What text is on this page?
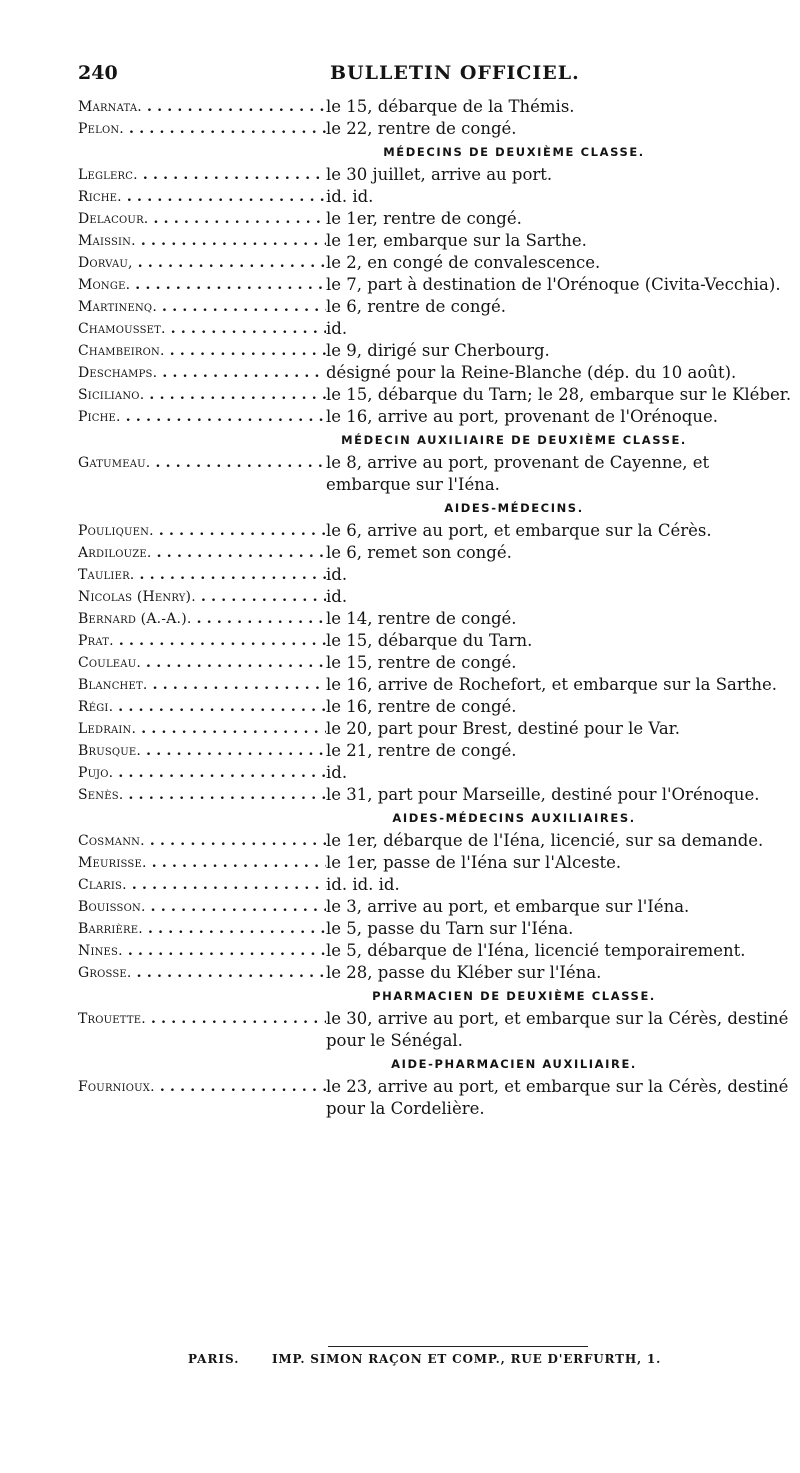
240	BULLETIN OFFICIEL.
Marnata. . . .	le 15, débarque de la Thémis.
Pelon. . . .	le 22, rentre de congé.
MÉDECINS DE DEUXIÈME CLASSE.
Leglerc. . . .	le 30 juillet, arrive au port.
Riche. . . .	id. id.
Delacour. . . .	le 1er, rentre de congé.
Maissin. . . .	le 1er, embarque sur la Sarthe.
Dorvau, . . .	le 2, en congé de convalescence.
Monge. . . .	le 7, part à destination de l'Orénoque (Civita-Vecchia).
Martinenq. . . .	le 6, rentre de congé.
Chamousset. . . .	id.
Chambeiron. . . .	le 9, dirigé sur Cherbourg.
Deschamps. . . .	désigné pour la Reine-Blanche (dép. du 10 août).
Siciliano. . . .	le 15, débarque du Tarn; le 28, embarque sur le Kléber.
Piche. . . .	le 16, arrive au port, provenant de l'Orénoque.
MÉDECIN AUXILIAIRE DE DEUXIÈME CLASSE.
Gatumeau. . . .	le 8, arrive au port, provenant de Cayenne, et embarque sur l'Iéna.
AIDES-MÉDECINS.
Pouliquen. . . .	le 6, arrive au port, et embarque sur la Cérès.
Ardilouze. . . .	le 6, remet son congé.
Taulier. . . .	id.
Nicolas (Henry). . . .	id.
Bernard (A.-A.). . . .	le 14, rentre de congé.
Prat. . . .	le 15, débarque du Tarn.
Couleau. . . .	le 15, rentre de congé.
Blanchet. . . .	le 16, arrive de Rochefort, et embarque sur la Sarthe.
Régi. . . .	le 16, rentre de congé.
Ledrain. . . .	le 20, part pour Brest, destiné pour le Var.
Brusque. . . .	le 21, rentre de congé.
Pujo. . . .	id.
Senès. . . .	le 31, part pour Marseille, destiné pour l'Orénoque.
AIDES-MÉDECINS AUXILIAIRES.
Cosmann. . . .	le 1er, débarque de l'Iéna, licencié, sur sa demande.
Meurisse. . . .	le 1er, passe de l'Iéna sur l'Alceste.
Claris. . . .	id. id. id.
Bouisson. . . .	le 3, arrive au port, et embarque sur l'Iéna.
Barrière. . . .	le 5, passe du Tarn sur l'Iéna.
Nines. . . .	le 5, débarque de l'Iéna, licencié temporairement.
Grosse. . . .	le 28, passe du Kléber sur l'Iéna.
PHARMACIEN DE DEUXIÈME CLASSE.
Trouette. . . .	le 30, arrive au port, et embarque sur la Cérès, destiné pour le Sénégal.
AIDE-PHARMACIEN AUXILIAIRE.
Fournioux. . . .	le 23, arrive au port, et embarque sur la Cérès, destiné pour la Cordelière.
PARIS.	IMP. SIMON RAÇON ET COMP., RUE D'ERFURTH, 1.
